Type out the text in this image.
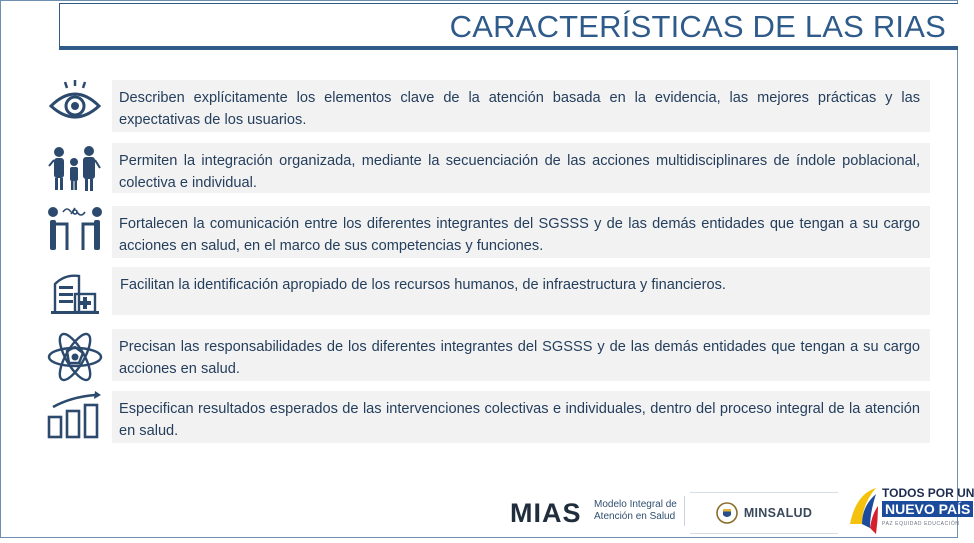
CARACTERÍSTICAS DE LAS RIAS
Describen explícitamente los elementos clave de la atención basada en la evidencia, las mejores prácticas y las expectativas de los usuarios.
Permiten la integración organizada, mediante la secuenciación de las acciones multidisciplinares de índole poblacional, colectiva e individual.
Fortalecen la comunicación entre los diferentes integrantes del SGSSS y de las demás entidades que tengan a su cargo acciones en salud, en el marco de sus competencias y funciones.
Facilitan la identificación apropiado de los recursos humanos, de infraestructura y financieros.
Precisan las responsabilidades de los diferentes integrantes del SGSSS y de las demás entidades que tengan a su cargo acciones en salud.
Especifican resultados esperados de las intervenciones colectivas e individuales, dentro del proceso integral de la atención en salud.
MIAS Modelo Integral de
Atención en Salud	MINSALUD
TODOS POR UN
NUEVO PAÍS
PAZ EQUIDAD EDUCACIÓN
